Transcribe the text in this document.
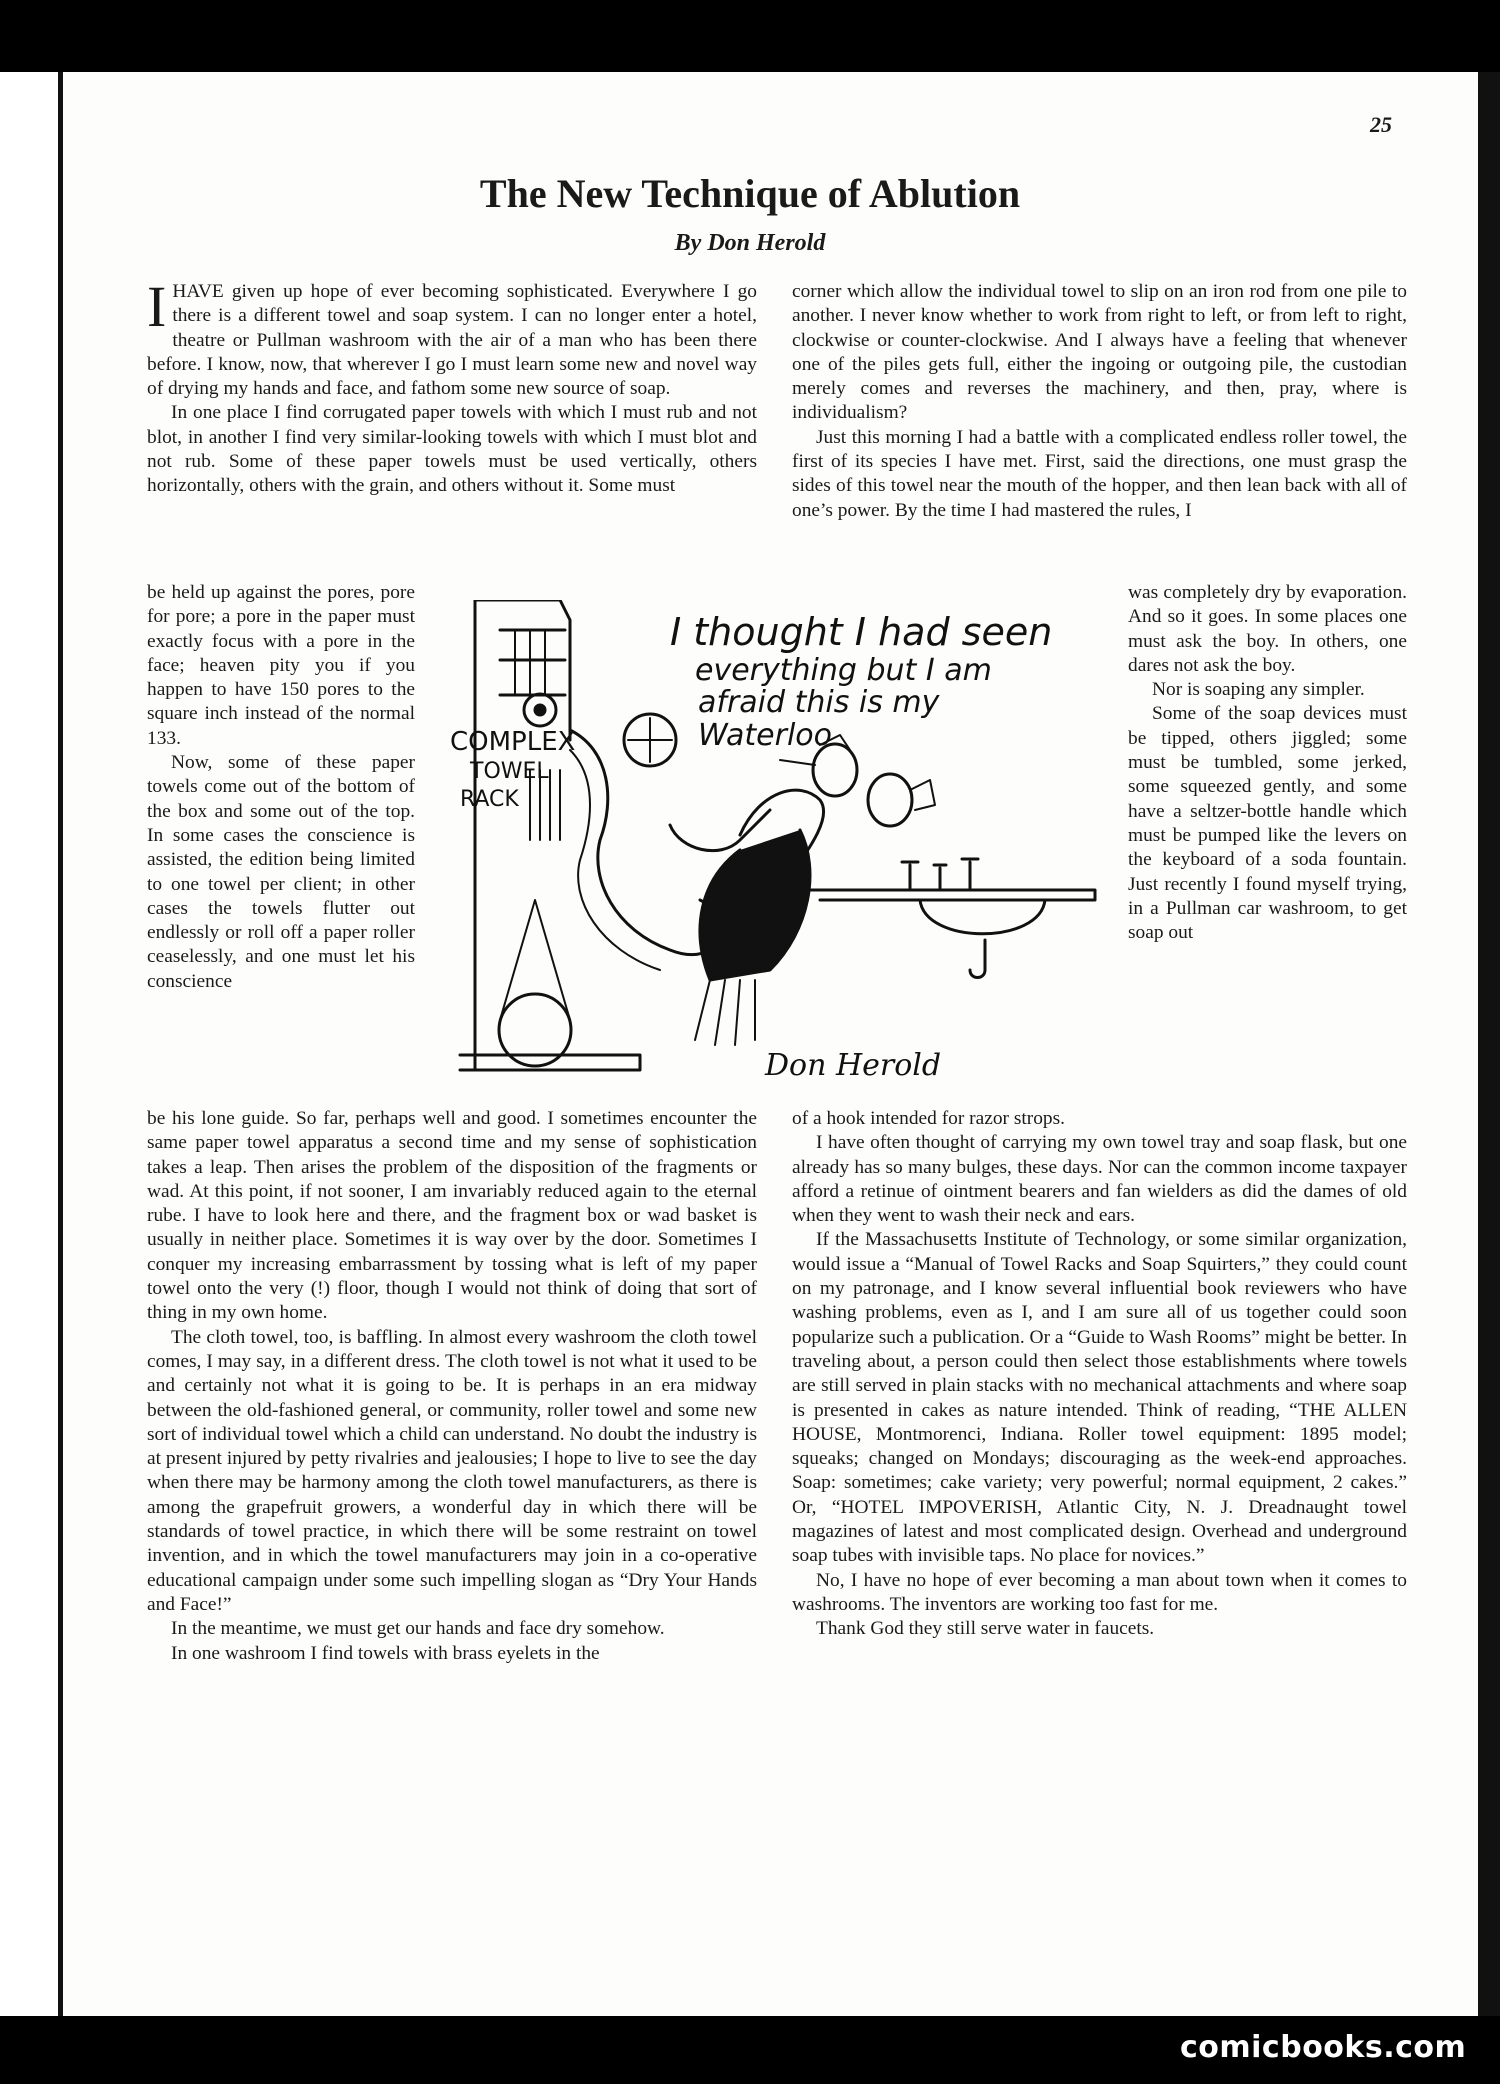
25
The New Technique of Ablution
By Don Herold

IHAVE given up hope of ever becoming sophisticated. Everywhere I go there is a different towel and soap system. I can no longer enter a hotel, theatre or Pullman washroom with the air of a man who has been there before. I know, now, that wherever I go I must learn some new and novel way of drying my hands and face, and fathom some new source of soap.

In one place I find corrugated paper towels with which I must rub and not blot, in another I find very similar-looking towels with which I must blot and not rub. Some of these paper towels must be used vertically, others horizontally, others with the grain, and others without it. Some must

be held up against the pores, pore for pore; a pore in the paper must exactly focus with a pore in the face; heaven pity you if you happen to have 150 pores to the square inch instead of the normal 133.

Now, some of these paper towels come out of the bottom of the box and some out of the top. In some cases the conscience is assisted, the edition being limited to one towel per client; in other cases the towels flutter out endlessly or roll off a paper roller ceaselessly, and one must let his conscience

be his lone guide. So far, perhaps well and good. I sometimes encounter the same paper towel apparatus a second time and my sense of sophistication takes a leap. Then arises the problem of the disposition of the fragments or wad. At this point, if not sooner, I am invariably reduced again to the eternal rube. I have to look here and there, and the fragment box or wad basket is usually in neither place. Sometimes it is way over by the door. Sometimes I conquer my increasing embarrassment by tossing what is left of my paper towel onto the very (!) floor, though I would not think of doing that sort of thing in my own home.

The cloth towel, too, is baffling. In almost every washroom the cloth towel comes, I may say, in a different dress. The cloth towel is not what it used to be and certainly not what it is going to be. It is perhaps in an era midway between the old-fashioned general, or community, roller towel and some new sort of individual towel which a child can understand. No doubt the industry is at present injured by petty rivalries and jealousies; I hope to live to see the day when there may be harmony among the cloth towel manufacturers, as there is among the grapefruit growers, a wonderful day in which there will be standards of towel practice, in which there will be some restraint on towel invention, and in which the towel manufacturers may join in a co-operative educational campaign under some such impelling slogan as “Dry Your Hands and Face!”

In the meantime, we must get our hands and face dry somehow.

In one washroom I find towels with brass eyelets in the

corner which allow the individual towel to slip on an iron rod from one pile to another. I never know whether to work from right to left, or from left to right, clockwise or counter-clockwise. And I always have a feeling that whenever one of the piles gets full, either the ingoing or outgoing pile, the custodian merely comes and reverses the machinery, and then, pray, where is individualism?

Just this morning I had a battle with a complicated endless roller towel, the first of its species I have met. First, said the directions, one must grasp the sides of this towel near the mouth of the hopper, and then lean back with all of one’s power. By the time I had mastered the rules, I

was completely dry by evaporation. And so it goes. In some places one must ask the boy. In others, one dares not ask the boy.

Nor is soaping any simpler.

Some of the soap devices must be tipped, others jiggled; some must be tumbled, some jerked, some squeezed gently, and some have a seltzer-bottle handle which must be pumped like the levers on the keyboard of a soda fountain. Just recently I found myself trying, in a Pullman car washroom, to get soap out

of a hook intended for razor strops.

I have often thought of carrying my own towel tray and soap flask, but one already has so many bulges, these days. Nor can the common income taxpayer afford a retinue of ointment bearers and fan wielders as did the dames of old when they went to wash their neck and ears.

If the Massachusetts Institute of Technology, or some similar organization, would issue a “Manual of Towel Racks and Soap Squirters,” they could count on my patronage, and I know several influential book reviewers who have washing problems, even as I, and I am sure all of us together could soon popularize such a publication. Or a “Guide to Wash Rooms” might be better. In traveling about, a person could then select those establishments where towels are still served in plain stacks with no mechanical attachments and where soap is presented in cakes as nature intended. Think of reading, “THE ALLEN HOUSE, Montmorenci, Indiana. Roller towel equipment: 1895 model; squeaks; changed on Mondays; discouraging as the week-end approaches. Soap: sometimes; cake variety; very powerful; normal equipment, 2 cakes.” Or, “HOTEL IMPOVERISH, Atlantic City, N. J. Dreadnaught towel magazines of latest and most complicated design. Overhead and underground soap tubes with invisible taps. No place for novices.”

No, I have no hope of ever becoming a man about town when it comes to washrooms. The inventors are working too fast for me.

Thank God they still serve water in faucets.

I thought I had seen
everything but I am
afraid this is my
Waterloo
COMPLEX
TOWEL
RACK
Don Herold
comicbooks.com
